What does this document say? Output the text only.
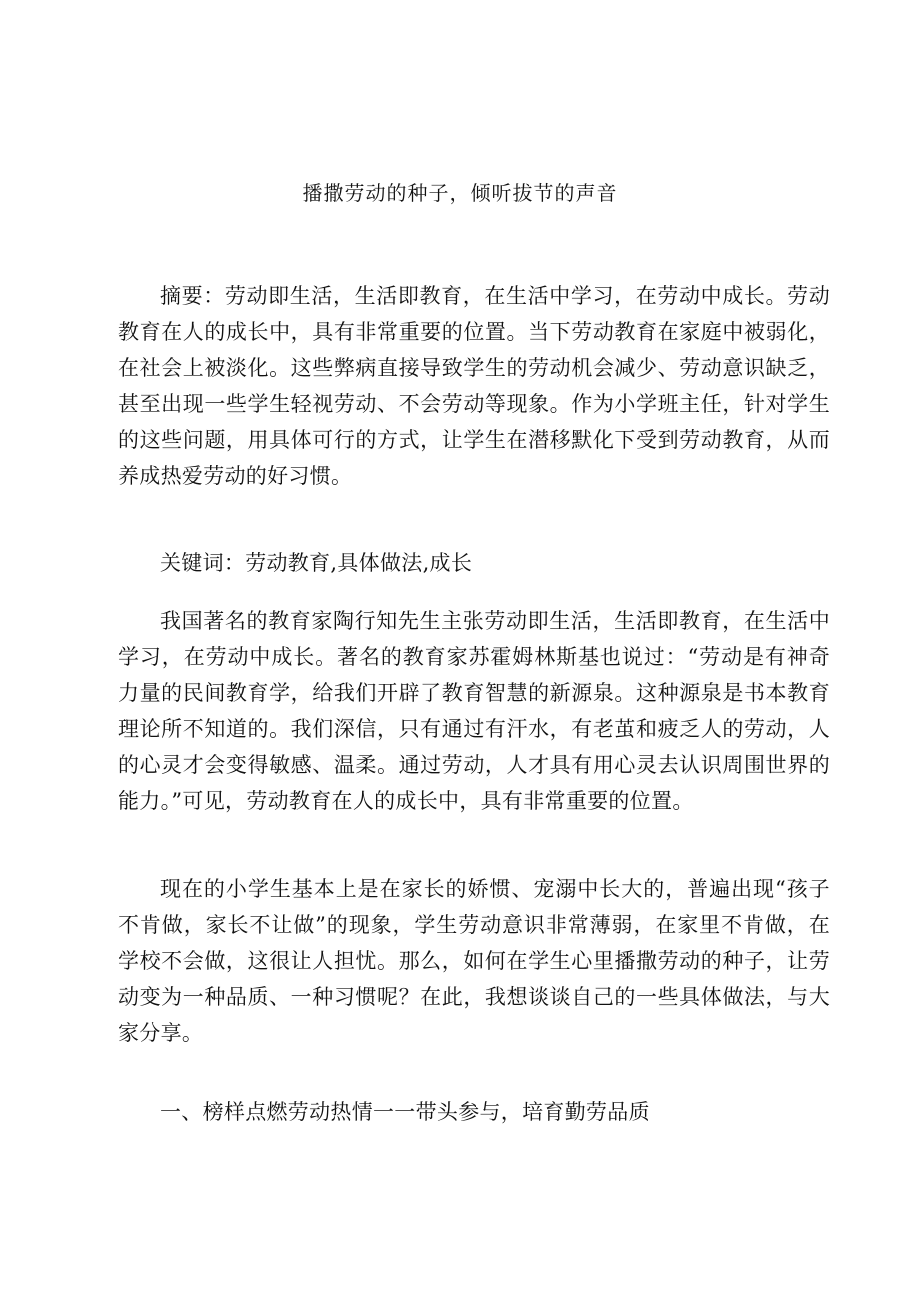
播撒劳动的种子，倾听拔节的声音

摘要：劳动即生活，生活即教育，在生活中学习，在劳动中成长。劳动教育在人的成长中，具有非常重要的位置。当下劳动教育在家庭中被弱化，在社会上被淡化。这些弊病直接导致学生的劳动机会减少、劳动意识缺乏，甚至出现一些学生轻视劳动、不会劳动等现象。作为小学班主任，针对学生的这些问题，用具体可行的方式，让学生在潜移默化下受到劳动教育，从而养成热爱劳动的好习惯。

关键词：劳动教育,具体做法,成长

我国著名的教育家陶行知先生主张劳动即生活，生活即教育，在生活中学习，在劳动中成长。著名的教育家苏霍姆林斯基也说过：“劳动是有神奇力量的民间教育学，给我们开辟了教育智慧的新源泉。这种源泉是书本教育理论所不知道的。我们深信，只有通过有汗水，有老茧和疲乏人的劳动，人的心灵才会变得敏感、温柔。通过劳动，人才具有用心灵去认识周围世界的能力。”可见，劳动教育在人的成长中，具有非常重要的位置。

现在的小学生基本上是在家长的娇惯、宠溺中长大的，普遍出现“孩子不肯做，家长不让做”的现象，学生劳动意识非常薄弱，在家里不肯做，在学校不会做，这很让人担忧。那么，如何在学生心里播撒劳动的种子，让劳动变为一种品质、一种习惯呢？在此，我想谈谈自己的一些具体做法，与大家分享。

一、榜样点燃劳动热情一一带头参与，培育勤劳品质
